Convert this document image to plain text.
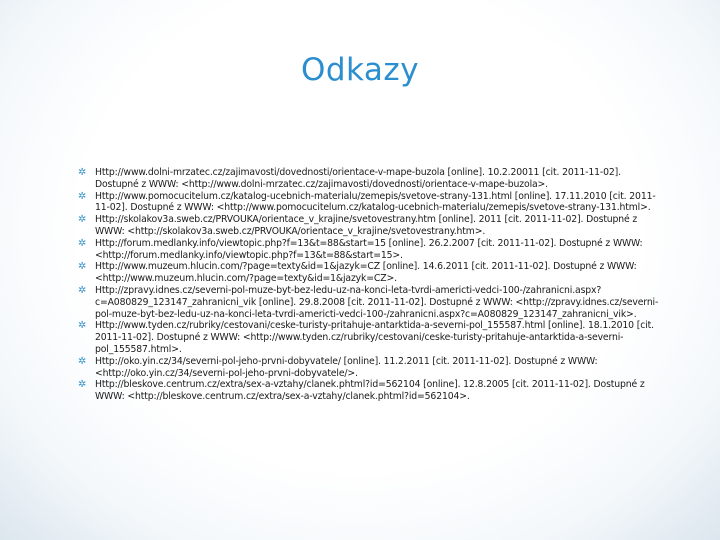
Odkazy
✲ Http://www.dolni-mrzatec.cz/zajimavosti/dovednosti/orientace-v-mape-buzola [online]. 10.2.20011 [cit. 2011-11-02]. Dostupné z WWW: <http://www.dolni-mrzatec.cz/zajimavosti/dovednosti/orientace-v-mape-buzola>.
✲ Http://www.pomocucitelum.cz/katalog-ucebnich-materialu/zemepis/svetove-strany-131.html [online]. 17.11.2010 [cit. 2011-11-02]. Dostupné z WWW: <http://www.pomocucitelum.cz/katalog-ucebnich-materialu/zemepis/svetove-strany-131.html>.
✲ Http://skolakov3a.sweb.cz/PRVOUKA/orientace_v_krajine/svetovestrany.htm [online]. 2011 [cit. 2011-11-02]. Dostupné z WWW: <http://skolakov3a.sweb.cz/PRVOUKA/orientace_v_krajine/svetovestrany.htm>.
✲ Http://forum.medlanky.info/viewtopic.php?f=13&t=88&start=15 [online]. 26.2.2007 [cit. 2011-11-02]. Dostupné z WWW: <http://forum.medlanky.info/viewtopic.php?f=13&t=88&start=15>.
✲ Http://www.muzeum.hlucin.com/?page=texty&id=1&jazyk=CZ [online]. 14.6.2011 [cit. 2011-11-02]. Dostupné z WWW: <http://www.muzeum.hlucin.com/?page=texty&id=1&jazyk=CZ>.
✲ Http://zpravy.idnes.cz/severni-pol-muze-byt-bez-ledu-uz-na-konci-leta-tvrdi-americti-vedci-100-/zahranicni.aspx?c=A080829_123147_zahranicni_vik [online]. 29.8.2008 [cit. 2011-11-02]. Dostupné z WWW: <http://zpravy.idnes.cz/severni-pol-muze-byt-bez-ledu-uz-na-konci-leta-tvrdi-americti-vedci-100-/zahranicni.aspx?c=A080829_123147_zahranicni_vik>.
✲ Http://www.tyden.cz/rubriky/cestovani/ceske-turisty-pritahuje-antarktida-a-severni-pol_155587.html [online]. 18.1.2010 [cit. 2011-11-02]. Dostupné z WWW: <http://www.tyden.cz/rubriky/cestovani/ceske-turisty-pritahuje-antarktida-a-severni-pol_155587.html>.
✲ Http://oko.yin.cz/34/severni-pol-jeho-prvni-dobyvatele/ [online]. 11.2.2011 [cit. 2011-11-02]. Dostupné z WWW: <http://oko.yin.cz/34/severni-pol-jeho-prvni-dobyvatele/>.
✲ Http://bleskove.centrum.cz/extra/sex-a-vztahy/clanek.phtml?id=562104 [online]. 12.8.2005 [cit. 2011-11-02]. Dostupné z WWW: <http://bleskove.centrum.cz/extra/sex-a-vztahy/clanek.phtml?id=562104>.
